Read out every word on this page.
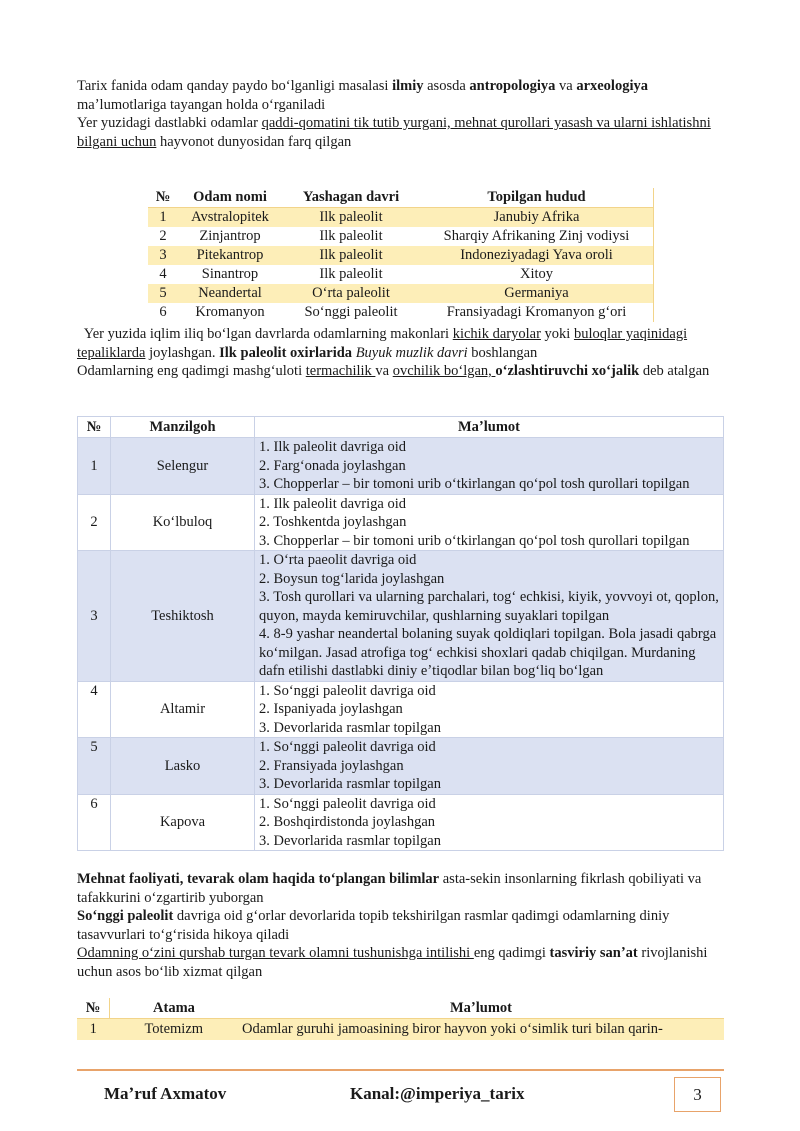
Tarix fanida odam qanday paydo boʻlganligi masalasi ilmiy asosda antropologiya va arxeologiya maʼlumotlariga tayangan holda oʻrganiladi

Yer yuzidagi dastlabki odamlar qaddi-qomatini tik tutib yurgani, mehnat qurollari yasash va ularni ishlatishni bilgani uchun hayvonot dunyosidan farq qilgan

№	Odam nomi	Yashagan davri	Topilgan hudud
1	Avstralopitek	Ilk paleolit	Janubiy Afrika
2	Zinjantrop	Ilk paleolit	Sharqiy Afrikaning Zinj vodiysi
3	Pitekantrop	Ilk paleolit	Indoneziyadagi Yava oroli
4	Sinantrop	Ilk paleolit	Xitoy
5	Neandertal	Oʻrta paleolit	Germaniya
6	Kromanyon	Soʻnggi paleolit	Fransiyadagi Kromanyon gʻori

Yer yuzida iqlim iliq boʻlgan davrlarda odamlarning makonlari kichik daryolar yoki buloqlar yaqinidagi tepaliklarda joylashgan. Ilk paleolit oxirlarida Buyuk muzlik davri boshlangan

Odamlarning eng qadimgi mashgʻuloti termachilik va ovchilik boʻlgan, oʻzlashtiruvchi xoʻjalik deb atalgan

№	Manzilgoh	Maʼlumot
1	Selengur	1. Ilk paleolit davriga oid
2. Fargʻonada joylashgan
3. Chopperlar – bir tomoni urib oʻtkirlangan qoʻpol tosh qurollari topilgan

2	Koʻlbuloq	1. Ilk paleolit davriga oid
2. Toshkentda joylashgan
3. Chopperlar – bir tomoni urib oʻtkirlangan qoʻpol tosh qurollari topilgan

3	Teshiktosh	1. Oʻrta paeolit davriga oid
2. Boysun togʻlarida joylashgan
3. Tosh qurollari va ularning parchalari, togʻ echkisi, kiyik, yovvoyi ot, qoplon, quyon, mayda kemiruvchilar, qushlarning suyaklari topilgan
4. 8-9 yashar neandertal bolaning suyak qoldiqlari topilgan. Bola jasadi qabrga koʻmilgan. Jasad atrofiga togʻ echkisi shoxlari qadab chiqilgan. Murdaning dafn etilishi dastlabki diniy eʼtiqodlar bilan bogʻliq boʻlgan

4	Altamir	1. Soʻnggi paleolit davriga oid
2. Ispaniyada joylashgan
3. Devorlarida rasmlar topilgan

5	Lasko	1. Soʻnggi paleolit davriga oid
2. Fransiyada joylashgan
3. Devorlarida rasmlar topilgan

6	Kapova	1. Soʻnggi paleolit davriga oid
2. Boshqirdistonda joylashgan
3. Devorlarida rasmlar topilgan

Mehnat faoliyati, tevarak olam haqida toʻplangan bilimlar asta-sekin insonlarning fikrlash qobiliyati va tafakkurini oʻzgartirib yuborgan

Soʻnggi paleolit davriga oid gʻorlar devorlarida topib tekshirilgan rasmlar qadimgi odamlarning diniy tasavvurlari toʻgʻrisida hikoya qiladi

Odamning oʻzini qurshab turgan tevark olamni tushunishga intilishi eng qadimgi tasviriy sanʼat rivojlanishi uchun asos boʻlib xizmat qilgan

№	Atama	Maʼlumot
1	Totemizm	Odamlar guruhi jamoasining biror hayvon yoki oʻsimlik turi bilan qarin-
Maʼruf Axmatov	Kanal:@imperiya_tarix	3
